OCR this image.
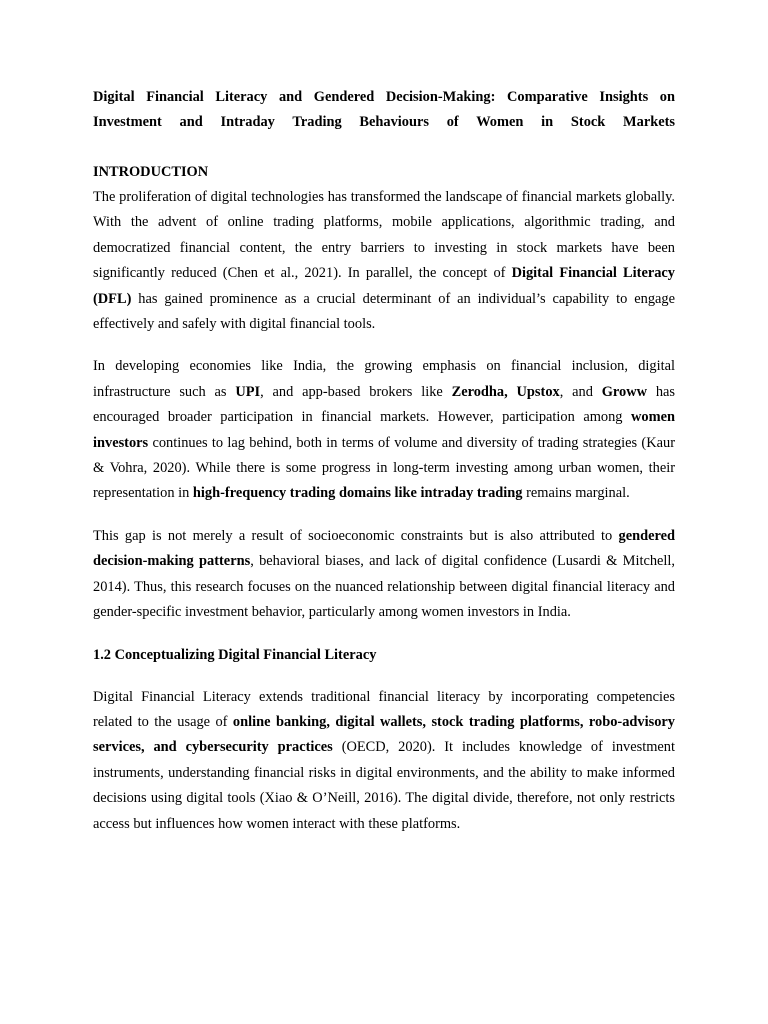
Digital Financial Literacy and Gendered Decision-Making: Comparative Insights on
Investment and Intraday Trading Behaviours of Women in Stock Markets
INTRODUCTION

The proliferation of digital technologies has transformed the landscape of financial markets globally. With the advent of online trading platforms, mobile applications, algorithmic trading, and democratized financial content, the entry barriers to investing in stock markets have been significantly reduced (Chen et al., 2021). In parallel, the concept of Digital Financial Literacy (DFL) has gained prominence as a crucial determinant of an individual’s capability to engage effectively and safely with digital financial tools.

In developing economies like India, the growing emphasis on financial inclusion, digital infrastructure such as UPI, and app-based brokers like Zerodha, Upstox, and Groww has encouraged broader participation in financial markets. However, participation among women investors continues to lag behind, both in terms of volume and diversity of trading strategies (Kaur & Vohra, 2020). While there is some progress in long-term investing among urban women, their representation in high-frequency trading domains like intraday trading remains marginal.

This gap is not merely a result of socioeconomic constraints but is also attributed to gendered decision-making patterns, behavioral biases, and lack of digital confidence (Lusardi & Mitchell, 2014). Thus, this research focuses on the nuanced relationship between digital financial literacy and gender-specific investment behavior, particularly among women investors in India.

1.2 Conceptualizing Digital Financial Literacy

Digital Financial Literacy extends traditional financial literacy by incorporating competencies related to the usage of online banking, digital wallets, stock trading platforms, robo-advisory services, and cybersecurity practices (OECD, 2020). It includes knowledge of investment instruments, understanding financial risks in digital environments, and the ability to make informed decisions using digital tools (Xiao & O’Neill, 2016). The digital divide, therefore, not only restricts access but influences how women interact with these platforms.
